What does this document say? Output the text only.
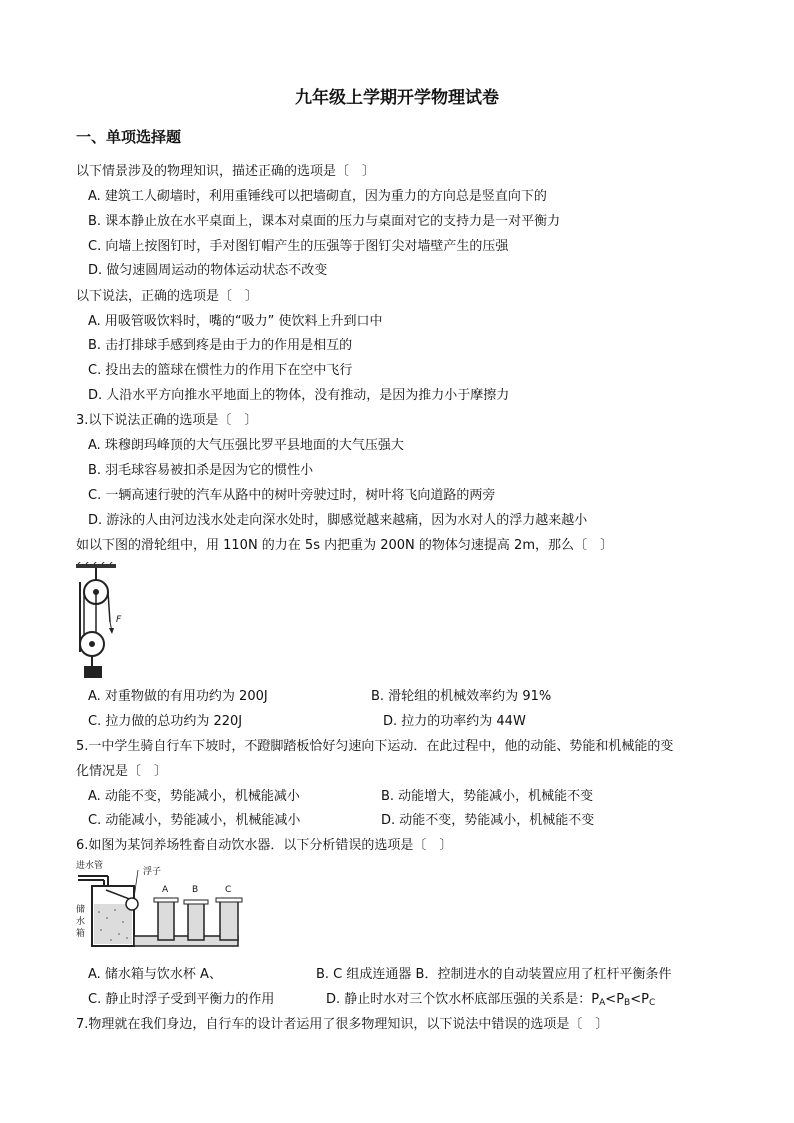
九年级上学期开学物理试卷
一、单项选择题
以下情景涉及的物理知识，描述正确的选项是〔　〕
A. 建筑工人砌墙时，利用重锤线可以把墙砌直，因为重力的方向总是竖直向下的
B. 课本静止放在水平桌面上，课本对桌面的压力与桌面对它的支持力是一对平衡力
C. 向墙上按图钉时，手对图钉帽产生的压强等于图钉尖对墙壁产生的压强
D. 做匀速圆周运动的物体运动状态不改变
以下说法，正确的选项是〔　〕
A. 用吸管吸饮料时，嘴的“吸力” 使饮料上升到口中
B. 击打排球手感到疼是由于力的作用是相互的
C. 投出去的篮球在惯性力的作用下在空中飞行
D. 人沿水平方向推水平地面上的物体，没有推动，是因为推力小于摩擦力
3.以下说法正确的选项是〔　〕
A. 珠穆朗玛峰顶的大气压强比罗平县地面的大气压强大
B. 羽毛球容易被扣杀是因为它的惯性小
C. 一辆高速行驶的汽车从路中的树叶旁驶过时，树叶将飞向道路的两旁
D. 游泳的人由河边浅水处走向深水处时，脚感觉越来越痛，因为水对人的浮力越来越小
如以下图的滑轮组中，用 110N 的力在 5s 内把重为 200N 的物体匀速提高 2m，那么〔　〕
F
A. 对重物做的有用功约为 200J	B. 滑轮组的机械效率约为 91%
C. 拉力做的总功约为 220J	D. 拉力的功率约为 44W
5.一中学生骑自行车下坡时，不蹬脚踏板恰好匀速向下运动．在此过程中，他的动能、势能和机械能的变
化情况是〔　〕
A. 动能不变，势能减小，机械能减小	B. 动能增大，势能减小，机械能不变
C. 动能减小，势能减小，机械能减小	D. 动能不变，势能减小，机械能不变
6.如图为某饲养场牲畜自动饮水器．以下分析错误的选项是〔　〕
进水管
浮子
储
水
箱
A	B	C
A. 储水箱与饮水杯 A、	B. C 组成连通器 B．控制进水的自动装置应用了杠杆平衡条件
C. 静止时浮子受到平衡力的作用	D. 静止时水对三个饮水杯底部压强的关系是：$P_A<P_B<P_C$
7.物理就在我们身边，自行车的设计者运用了很多物理知识，以下说法中错误的选项是〔　〕
